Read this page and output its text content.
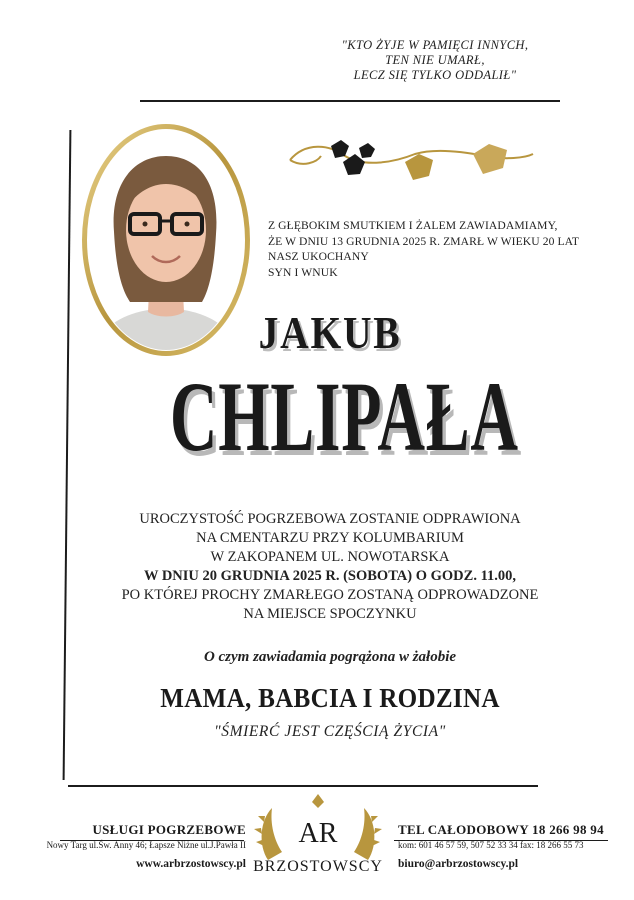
"KTO ŻYJE W PAMIĘCI INNYCH,
TEN NIE UMARŁ,
LECZ SIĘ TYLKO ODDALIŁ"
Z GŁĘBOKIM SMUTKIEM I ŻALEM ZAWIADAMIAMY,
ŻE W DNIU 13 GRUDNIA 2025 R. ZMARŁ W WIEKU 20 LAT
NASZ UKOCHANY
SYN I WNUK
JAKUB
CHLIPAŁA
UROCZYSTOŚĆ POGRZEBOWA ZOSTANIE ODPRAWIONA
NA CMENTARZU PRZY KOLUMBARIUM
W ZAKOPANEM UL. NOWOTARSKA
W DNIU 20 GRUDNIA 2025 R. (SOBOTA) O GODZ. 11.00,
PO KTÓREJ PROCHY ZMARŁEGO ZOSTANĄ ODPROWADZONE
NA MIEJSCE SPOCZYNKU
O czym zawiadamia pogrążona w żałobie
MAMA, BABCIA I RODZINA
"ŚMIERĆ JEST CZĘŚCIĄ ŻYCIA"
USŁUGI POGRZEBOWE
Nowy Targ ul.Św. Anny 46; Łapsze Niżne ul.J.Pawła II
www.arbrzostowscy.pl
AR
BRZOSTOWSCY
TEL CAŁODOBOWY 18 266 98 94
kom: 601 46 57 59, 507 52 33 34 fax: 18 266 55 73
biuro@arbrzostowscy.pl
